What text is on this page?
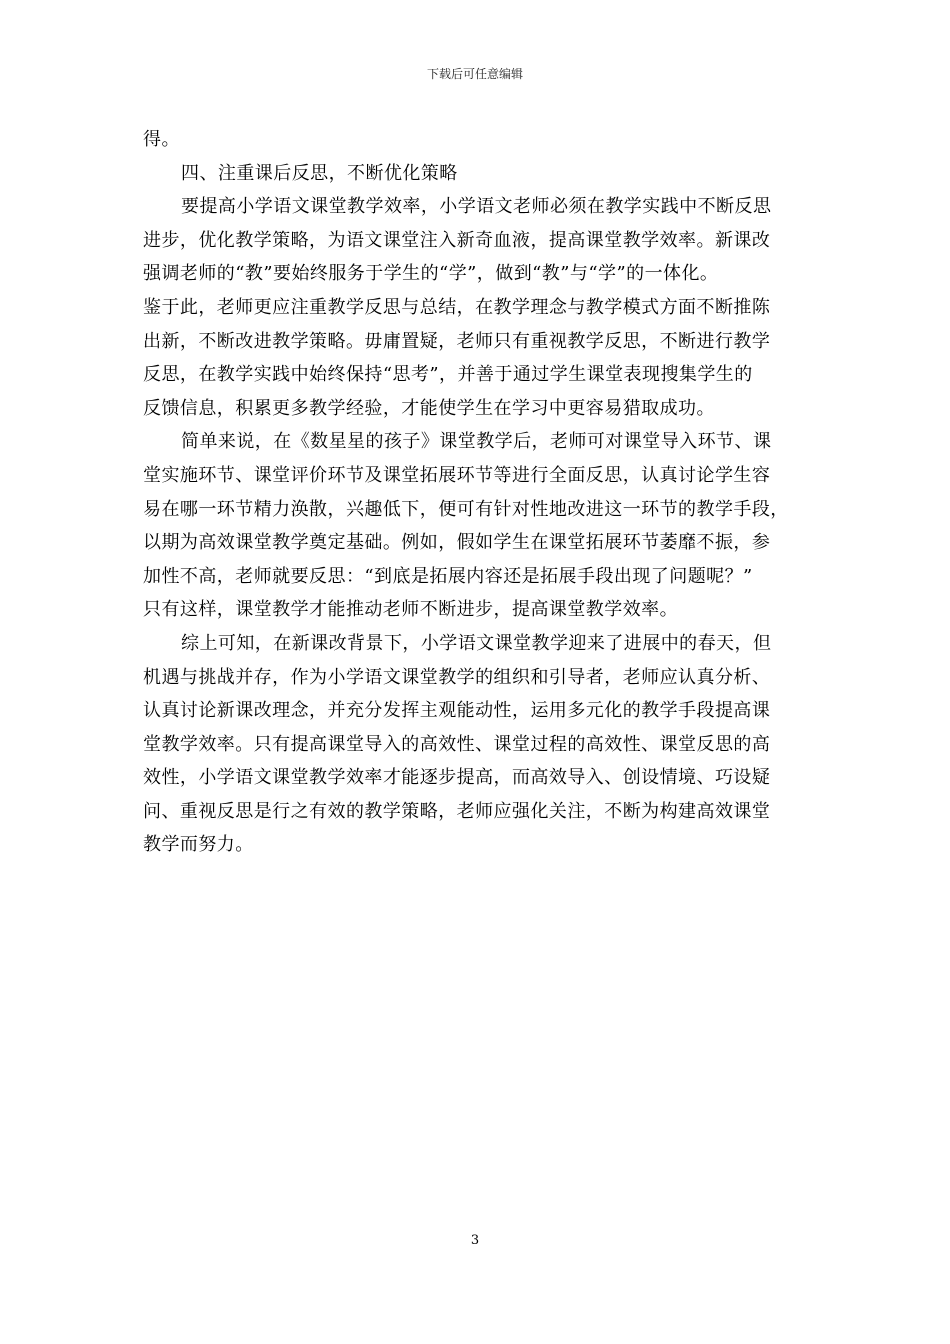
下载后可任意编辑
得。
四、注重课后反思，不断优化策略
要提高小学语文课堂教学效率，小学语文老师必须在教学实践中不断反思
进步，优化教学策略，为语文课堂注入新奇血液，提高课堂教学效率。新课改
强调老师的“教”要始终服务于学生的“学”，做到“教”与“学”的一体化。
鉴于此，老师更应注重教学反思与总结，在教学理念与教学模式方面不断推陈
出新，不断改进教学策略。毋庸置疑，老师只有重视教学反思，不断进行教学
反思，在教学实践中始终保持“思考”，并善于通过学生课堂表现搜集学生的
反馈信息，积累更多教学经验，才能使学生在学习中更容易猎取成功。
简单来说，在《数星星的孩子》课堂教学后，老师可对课堂导入环节、课
堂实施环节、课堂评价环节及课堂拓展环节等进行全面反思，认真讨论学生容
易在哪一环节精力涣散，兴趣低下，便可有针对性地改进这一环节的教学手段，
以期为高效课堂教学奠定基础。例如，假如学生在课堂拓展环节萎靡不振，参
加性不高，老师就要反思：“到底是拓展内容还是拓展手段出现了问题呢？”
只有这样，课堂教学才能推动老师不断进步，提高课堂教学效率。
综上可知，在新课改背景下，小学语文课堂教学迎来了进展中的春天，但
机遇与挑战并存，作为小学语文课堂教学的组织和引导者，老师应认真分析、
认真讨论新课改理念，并充分发挥主观能动性，运用多元化的教学手段提高课
堂教学效率。只有提高课堂导入的高效性、课堂过程的高效性、课堂反思的高
效性，小学语文课堂教学效率才能逐步提高，而高效导入、创设情境、巧设疑
问、重视反思是行之有效的教学策略，老师应强化关注，不断为构建高效课堂
教学而努力。
3
